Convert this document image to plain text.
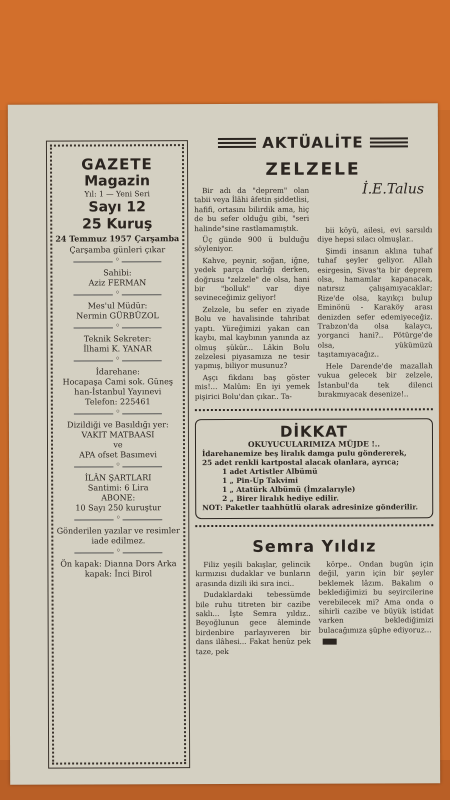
GAZETE
Magazin
Yıl: 1 — Yeni Seri
Sayı 12
25 Kuruş
24 Temmuz 1957 Çarşamba
Çarşamba günleri çıkar
◦
Sahibi:
Aziz FERMAN
◦
Mes'ul Müdür:
Nermin GÜRBÜZOL
◦
Teknik Sekreter:
İlhami K. YANAR
◦
İdarehane:
Hocapaşa Cami sok. Güneş han-İstanbul Yayınevi
Telefon: 225461
◦
Dizildiği ve Basıldığı yer:
VAKIT MATBAASI
ve
APA ofset Basımevi
◦
İLÂN ŞARTLARI
Santimi: 6 Lira
ABONE:
10 Sayı 250 kuruştur
◦
Gönderilen yazılar ve resimler iade edilmez.
◦
Ön kapak: Dianna Dors Arka kapak: İnci Birol
AKTÜALİTE
ZELZELE

Bir adı da "deprem" olan tabii veya İlâhi âfetin şiddetlisi, hafifi, ortasını bilirdik ama, hiç de bu sefer olduğu gibi, "seri halinde"sine rastlamamıştık.

Üç günde 900 ü bulduğu söyleniyor.

Kahve, peynir, soğan, iğne, yedek parça darlığı derken, doğrusu "zelzele" de olsa, hani bir "bolluk" var diye sevineceğimiz geliyor!

Zelzele, bu sefer en ziyade Bolu ve havalisinde tahribat yaptı. Yüreğimizi yakan can kaybı, mal kaybının yanında az olmuş şükür... Lâkin Bolu zelzelesi piyasamıza ne tesir yapmış, biliyor musunuz?

Aşçı fikdanı baş göster mis!... Malûm: En iyi yemek pişirici Bolu'dan çıkar.. Ta-

İ.E.Talus

bii köyü, ailesi, evi sarsıldı diye hepsi sılacı olmuşlar..

Şimdi insanın aklına tuhaf tuhaf şeyler geliyor. Allah esirgesin, Sivas'ta bir deprem olsa, hamamlar kapanacak, natırsız çalışamıyacaklar; Rize'de olsa, kayıkçı bulup Eminönü - Karaköy arası denizden sefer edemiyeceğiz. Trabzon'da olsa kalaycı, yorganci hani?.. Pötürge'de olsa, yükümüzü taşıtamıyacağız..

Hele Darende'de mazallah vukua gelecek bir zelzele, İstanbul'da tek dilenci bırakmıyacak desenize!..

DİKKAT
OKUYUCULARIMIZA MÜJDE !..
İdarehanemize beş liralık damga pulu göndererek,
25 adet renkli kartpostal alacak olanlara, ayrıca;
1 adet Artistler Albümü
1 „ Pin-Up Takvimi
1 „ Atatürk Albümü (İmzalarıyle)
2 „ Birer liralık hediye edilir.
NOT: Paketler taahhütlü olarak adresinize gönderilir.
Semra Yıldız

Filiz yeşili bakışlar, gelincik kırmızısı dudaklar ve bunların arasında dizili iki sıra inci..

Dudaklardaki tebessümde bile ruhu titreten bir cazibe saklı... İşte Semra yıldız.. Beyoğlunun gece âleminde birdenbire parlayıveren bir dans ilâhesi... Fakat henüz pek taze, pek

körpe.. Ondan bugün için değil, yarın için bir şeyler beklemek lâzım. Bakalım o beklediğimizi bu seyircilerine verebilecek mi? Ama onda o sihirli cazibe ve büyük istidat varken beklediğimizi bulacağımıza şüphe ediyoruz...
